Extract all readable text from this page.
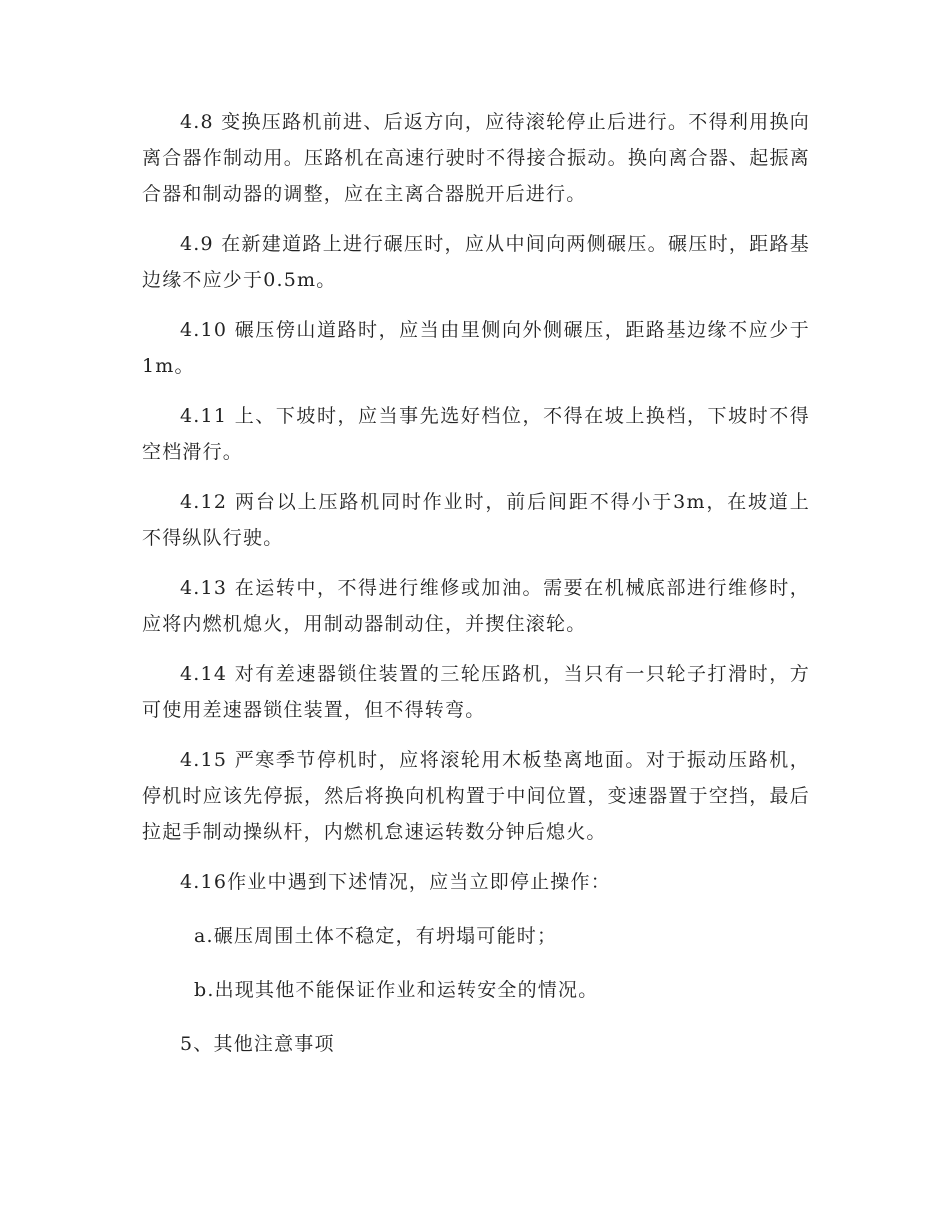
4.8 变换压路机前进、后返方向，应待滚轮停止后进行。不得利用换向离合器作制动用。压路机在高速行驶时不得接合振动。换向离合器、起振离合器和制动器的调整，应在主离合器脱开后进行。

4.9 在新建道路上进行碾压时，应从中间向两侧碾压。碾压时，距路基边缘不应少于0.5m。

4.10 碾压傍山道路时，应当由里侧向外侧碾压，距路基边缘不应少于1m。

4.11 上、下坡时，应当事先选好档位，不得在坡上换档，下坡时不得空档滑行。

4.12 两台以上压路机同时作业时，前后间距不得小于3m，在坡道上不得纵队行驶。

4.13 在运转中，不得进行维修或加油。需要在机械底部进行维修时，应将内燃机熄火，用制动器制动住，并揳住滚轮。

4.14 对有差速器锁住装置的三轮压路机，当只有一只轮子打滑时，方可使用差速器锁住装置，但不得转弯。

4.15 严寒季节停机时，应将滚轮用木板垫离地面。对于振动压路机，停机时应该先停振，然后将换向机构置于中间位置，变速器置于空挡，最后拉起手制动操纵杆，内燃机怠速运转数分钟后熄火。

4.16作业中遇到下述情况，应当立即停止操作：

a.碾压周围土体不稳定，有坍塌可能时；

b.出现其他不能保证作业和运转安全的情况。

5、其他注意事项
